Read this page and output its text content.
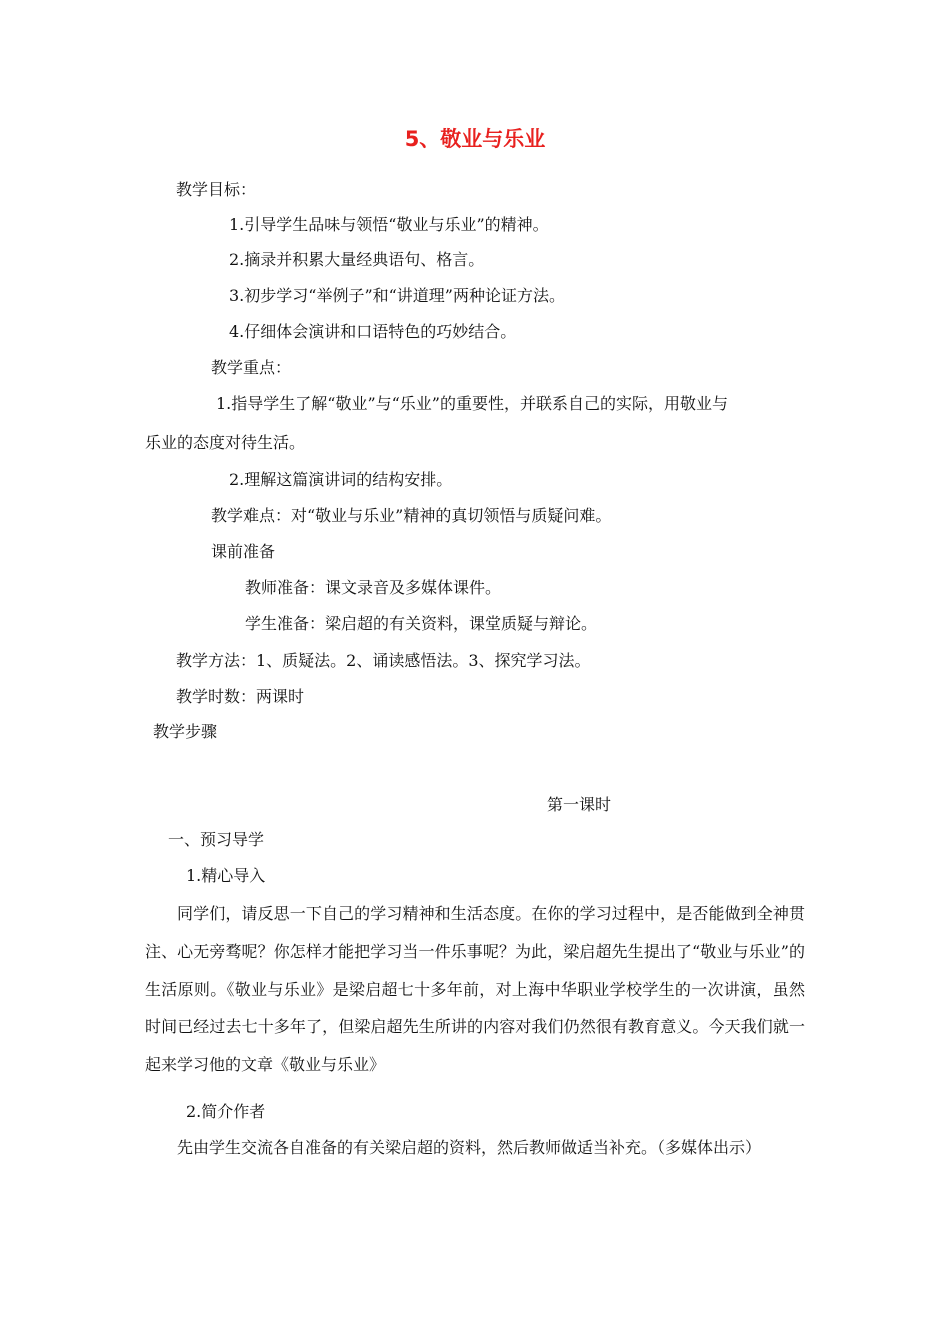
5、敬业与乐业

教学目标：

1.引导学生品味与领悟“敬业与乐业”的精神。

2.摘录并积累大量经典语句、格言。

3.初步学习“举例子”和“讲道理”两种论证方法。

4.仔细体会演讲和口语特色的巧妙结合。

教学重点：

1.指导学生了解“敬业”与“乐业”的重要性，并联系自己的实际，用敬业与

乐业的态度对待生活。

2.理解这篇演讲词的结构安排。

教学难点：对“敬业与乐业”精神的真切领悟与质疑问难。

课前准备

教师准备：课文录音及多媒体课件。

学生准备：梁启超的有关资料，课堂质疑与辩论。

教学方法：1、质疑法。2、诵读感悟法。3、探究学习法。

教学时数：两课时

教学步骤

第一课时

一、预习导学

1.精心导入

同学们，请反思一下自己的学习精神和生活态度。在你的学习过程中，是否能做到全神贯注、心无旁骛呢？你怎样才能把学习当一件乐事呢？为此，梁启超先生提出了“敬业与乐业”的生活原则。《敬业与乐业》是梁启超七十多年前，对上海中华职业学校学生的一次讲演，虽然时间已经过去七十多年了，但梁启超先生所讲的内容对我们仍然很有教育意义。今天我们就一起来学习他的文章《敬业与乐业》

2.简介作者

先由学生交流各自准备的有关梁启超的资料，然后教师做适当补充。（多媒体出示）
